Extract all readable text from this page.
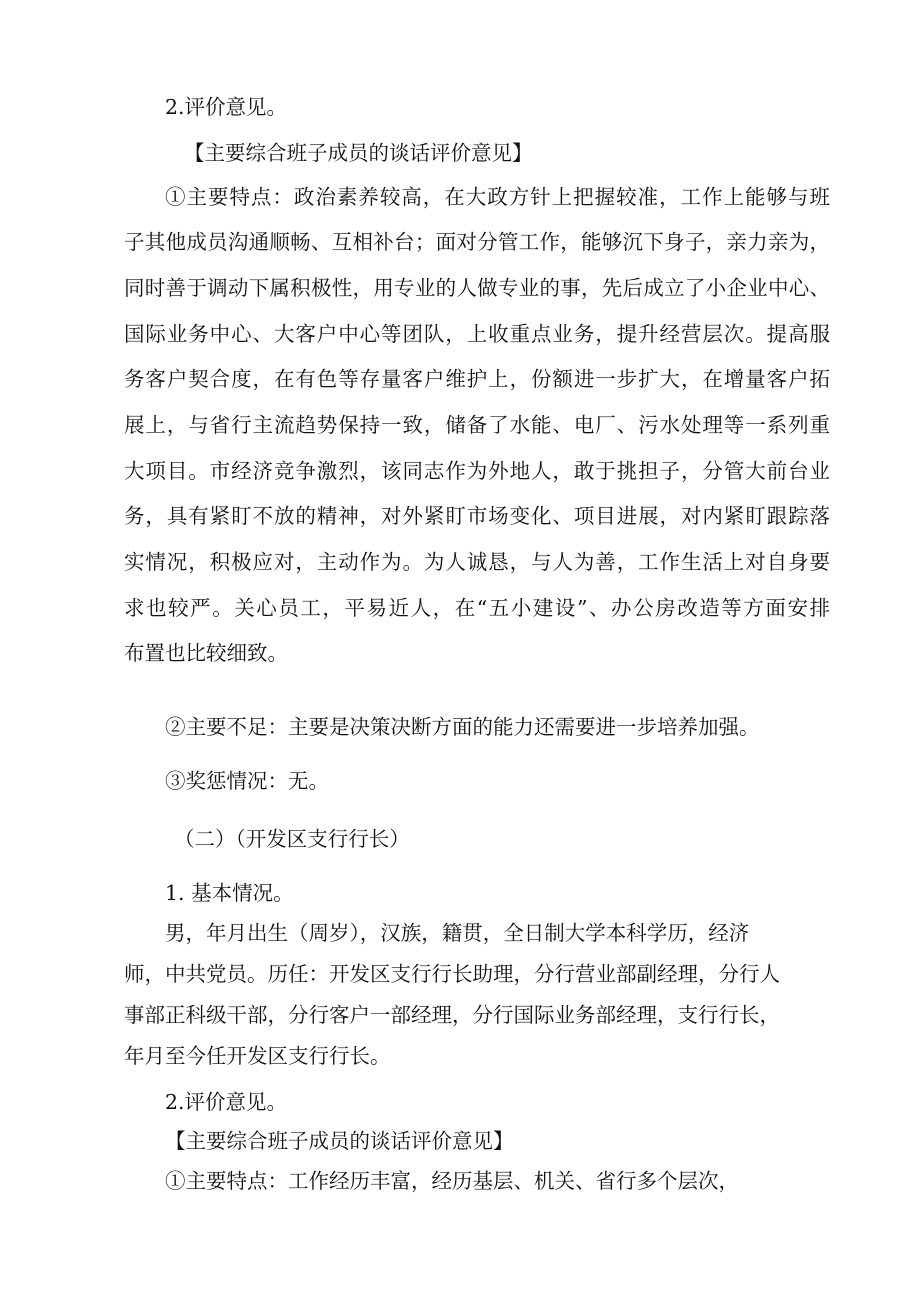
2.评价意见。
【主要综合班子成员的谈话评价意见】
①主要特点：政治素养较高，在大政方针上把握较准，工作上能够与班
子其他成员沟通顺畅、互相补台；面对分管工作，能够沉下身子，亲力亲为，
同时善于调动下属积极性，用专业的人做专业的事，先后成立了小企业中心、
国际业务中心、大客户中心等团队，上收重点业务，提升经营层次。提高服
务客户契合度，在有色等存量客户维护上，份额进一步扩大，在增量客户拓
展上，与省行主流趋势保持一致，储备了水能、电厂、污水处理等一系列重
大项目。市经济竞争激烈，该同志作为外地人，敢于挑担子，分管大前台业
务，具有紧盯不放的精神，对外紧盯市场变化、项目进展，对内紧盯跟踪落
实情况，积极应对，主动作为。为人诚恳，与人为善，工作生活上对自身要
求也较严。关心员工，平易近人，在“五小建设”、办公房改造等方面安排
布置也比较细致。
②主要不足：主要是决策决断方面的能力还需要进一步培养加强。
③奖惩情况：无。
（二）（开发区支行行长）
1. 基本情况。
男，年月出生（周岁），汉族，籍贯，全日制大学本科学历，经济
师，中共党员。历任：开发区支行行长助理，分行营业部副经理，分行人
事部正科级干部，分行客户一部经理，分行国际业务部经理，支行行长，
年月至今任开发区支行行长。
2.评价意见。
【主要综合班子成员的谈话评价意见】
①主要特点：工作经历丰富，经历基层、机关、省行多个层次，
